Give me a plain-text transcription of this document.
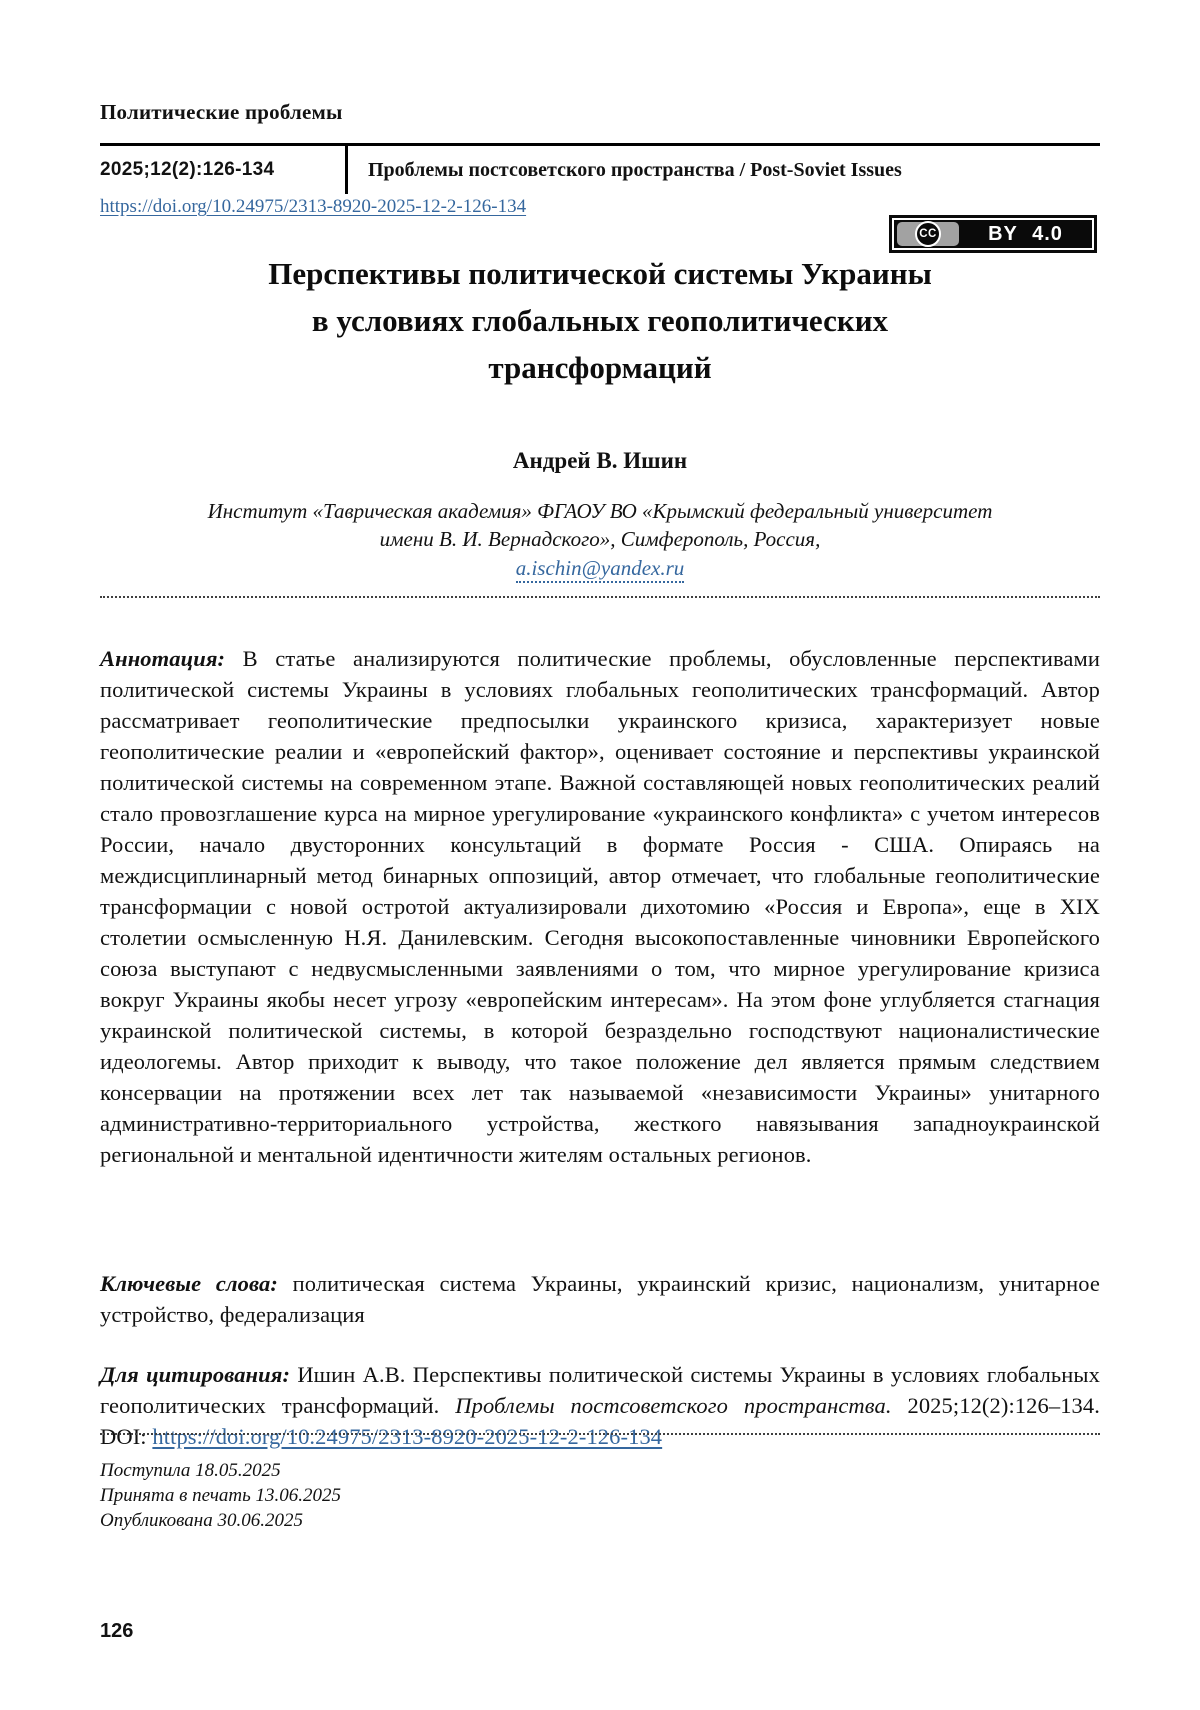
Политические проблемы
2025;12(2):126-134	Проблемы постсоветского пространства / Post-Soviet Issues
https://doi.org/10.24975/2313-8920-2025-12-2-126-134
CC	BY 4.0
Перспективы политической системы Украины
в условиях глобальных геополитических
трансформаций
Андрей В. Ишин
Институт «Таврическая академия» ФГАОУ ВО «Крымский федеральный университет
имени В. И. Вернадского», Симферополь, Россия,
a.ischin@yandex.ru

Аннотация: В статье анализируются политические проблемы, обусловленные перспективами политической системы Украины в условиях глобальных геополитических трансформаций. Автор рассматривает геополитические предпосылки украинского кризиса, характеризует новые геополитические реалии и «европейский фактор», оценивает состояние и перспективы украинской политической системы на современном этапе. Важной составляющей новых геополитических реалий стало провозглашение курса на мирное урегулирование «украинского конфликта» с учетом интересов России, начало двусторонних консультаций в формате Россия - США. Опираясь на междисциплинарный метод бинарных оппозиций, автор отмечает, что глобальные геополитические трансформации с новой остротой актуализировали дихотомию «Россия и Европа», еще в XIX столетии осмысленную Н.Я. Данилевским. Сегодня высокопоставленные чиновники Европейского союза выступают с недвусмысленными заявлениями о том, что мирное урегулирование кризиса вокруг Украины якобы несет угрозу «европейским интересам». На этом фоне углубляется стагнация украинской политической системы, в которой безраздельно господствуют националистические идеологемы. Автор приходит к выводу, что такое положение дел является прямым следствием консервации на протяжении всех лет так называемой «независимости Украины» унитарного административно-территориального устройства, жесткого навязывания западноукраинской региональной и ментальной идентичности жителям остальных регионов.

Ключевые слова: политическая система Украины, украинский кризис, национализм, унитарное устройство, федерализация

Для цитирования: Ишин А.В. Перспективы политической системы Украины в условиях глобальных геополитических трансформаций. Проблемы постсоветского пространства. 2025;12(2):126–134. DOI: https://doi.org/10.24975/2313-8920-2025-12-2-126-134

Поступила 18.05.2025
Принята в печать 13.06.2025
Опубликована 30.06.2025
126
